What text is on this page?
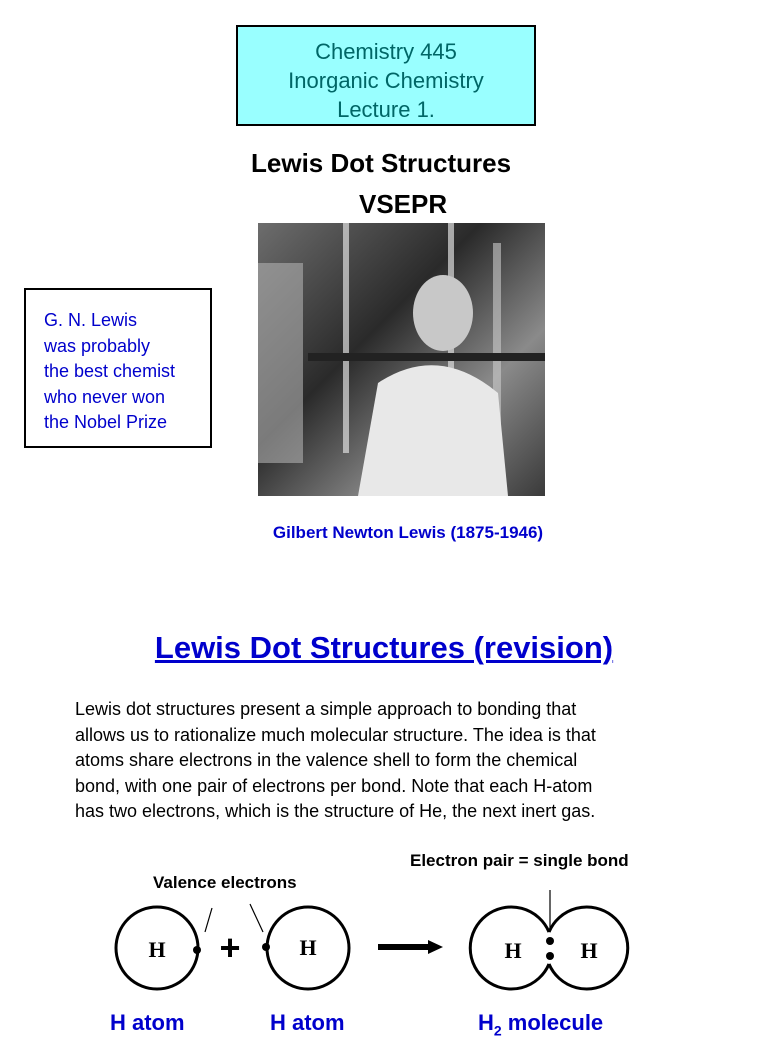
Chemistry 445
Inorganic Chemistry
Lecture 1.
Lewis Dot Structures
VSEPR
G. N. Lewis
was probably
the best chemist
who never won
the Nobel Prize
Gilbert Newton Lewis (1875-1946)
Lewis Dot Structures (revision)
Lewis dot structures present a simple approach to bonding that
allows us to rationalize much molecular structure. The idea is that
atoms share electrons in the valence shell to form the chemical
bond, with one pair of electrons per bond. Note that each H-atom
has two electrons, which is the structure of He, the next inert gas.
Electron pair = single bond
Valence electrons
H	H	H	H
+
H atom	H atom	$H_2$ molecule
